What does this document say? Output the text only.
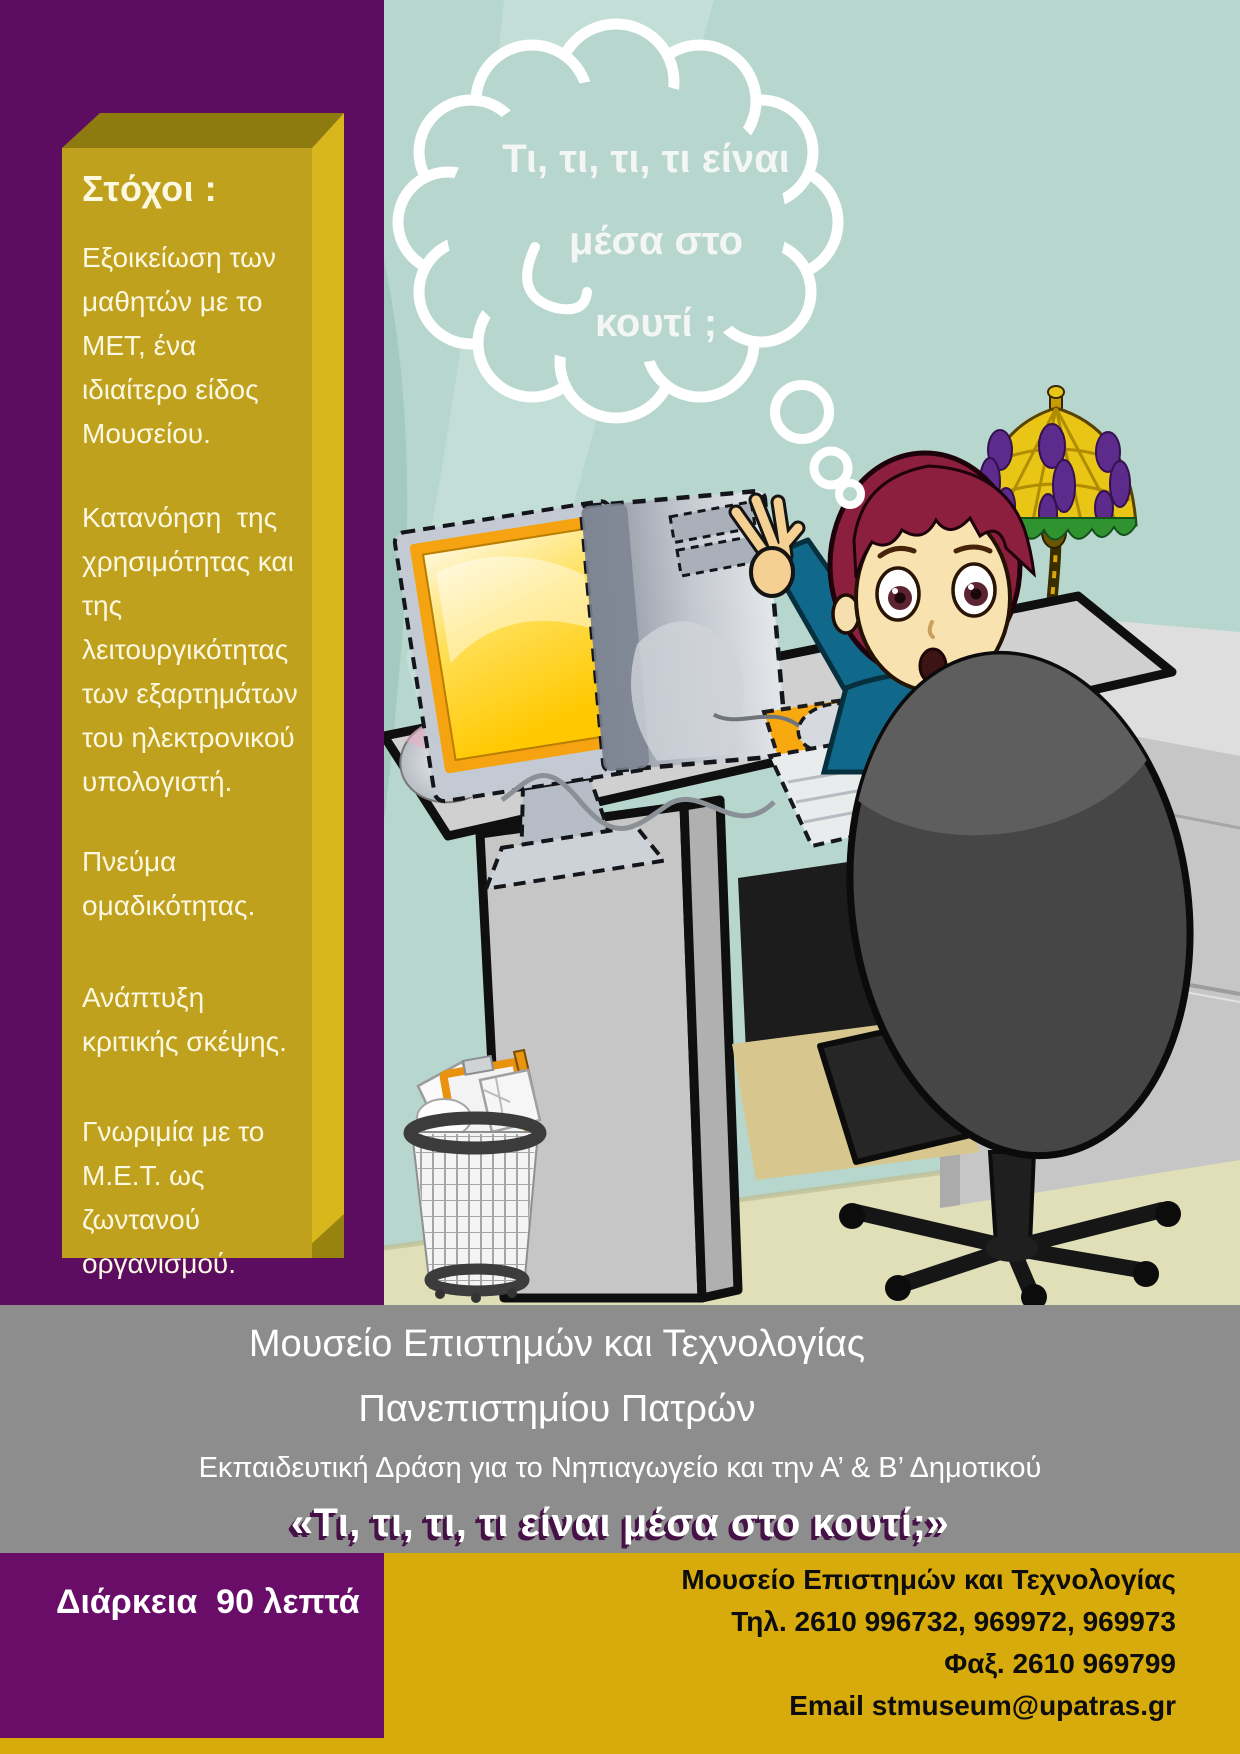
Στόχοι :

Εξοικείωση των μαθητών με το ΜΕΤ, ένα ιδιαίτερο είδος Μουσείου.

Κατανόηση  της χρησιμότητας και της λειτουργικότητας των εξαρτημάτων του ηλεκτρονικού υπολογιστή.

Πνεύμα ομαδικότητας.

Ανάπτυξη κριτικής σκέψης.

Γνωριμία με το Μ.Ε.Τ. ως ζωντανού οργανισμού.

Τι, τι, τι, τι είναι
μέσα στο
κουτί ;
Μουσείο Επιστημών και Τεχνολογίας
Πανεπιστημίου Πατρών
Εκπαιδευτική Δράση για το Νηπιαγωγείο και την Α’ & Β’ Δημοτικού
«Τι, τι, τι, τι είναι μέσα στο κουτί;»
Διάρκεια  90 λεπτά
Μουσείο Επιστημών και Τεχνολογίας
Τηλ. 2610 996732, 969972, 969973
Φαξ. 2610 969799
Email stmuseum@upatras.gr
